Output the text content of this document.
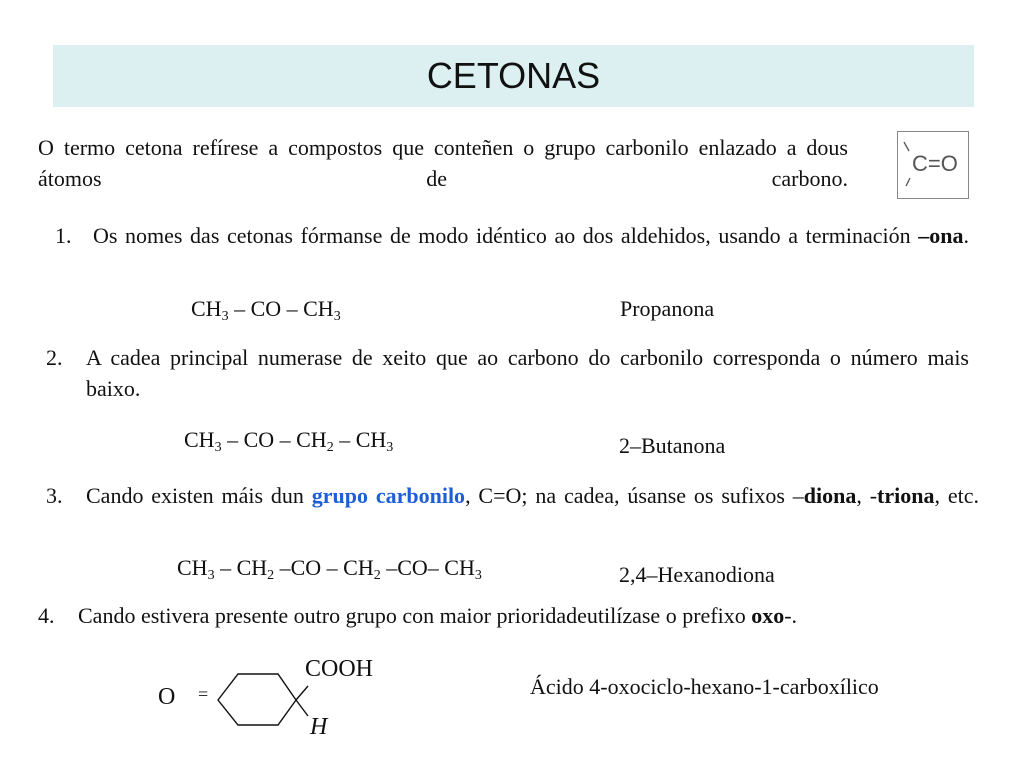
CETONAS
O termo cetona refírese a compostos que conteñen o grupo carbonilo enlazado a dous átomos de carbono.
C=O
1. Os nomes das cetonas fórmanse de modo idéntico ao dos aldehidos, usando a terminación –ona.
$CH_3$ – CO – $CH_3$	Propanona
2. A cadea principal numerase de xeito que ao carbono do carbonilo corresponda o número mais baixo.
$CH_3$ – CO – $CH_2 - CH_3$	2–Butanona
3. Cando existen máis dun grupo carbonilo, C=O; na cadea, úsanse os sufixos –diona, -triona, etc.
$CH_3 - CH_2$ $-CO - CH_2$ –CO– $CH_3$	2,4–Hexanodiona
4. Cando estivera presente outro grupo con maior prioridadeutilízase o prefixo oxo-.
O =
COOH
H
Ácido 4-oxociclo-hexano-1-carboxílico
